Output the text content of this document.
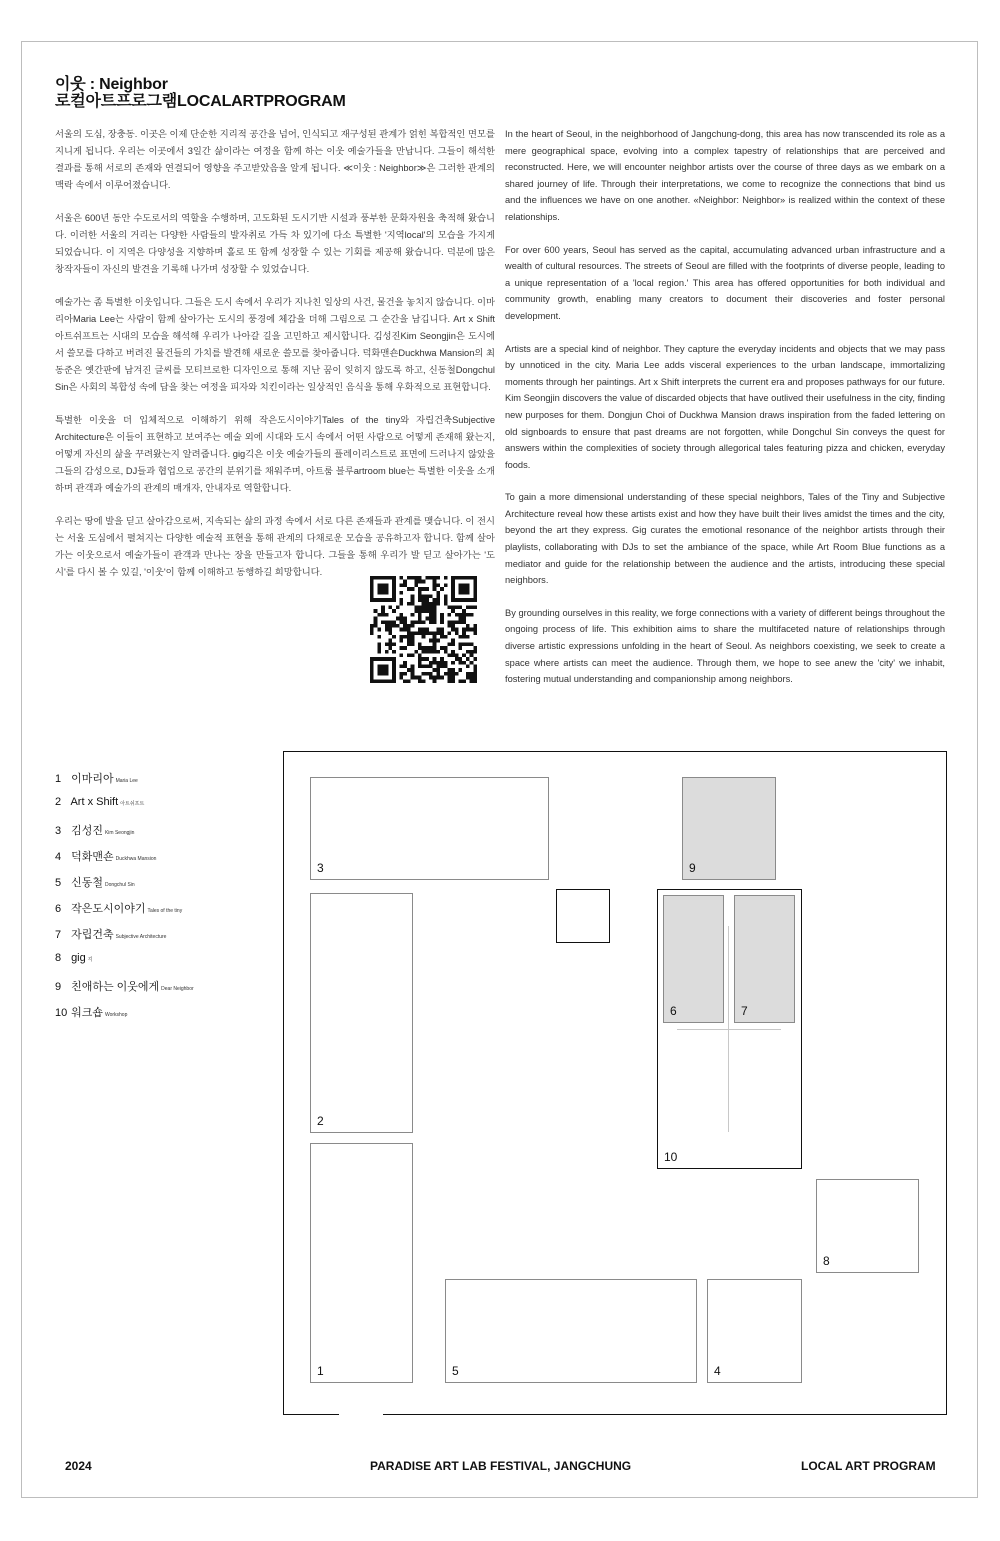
이웃 : Neighbor
로컬아트프로그램LOCALARTPROGRAM

서울의 도심, 장충동. 이곳은 이제 단순한 지리적 공간을 넘어, 인식되고 재구성된 관계가 얽힌 복합적인 면모를 지니게 됩니다. 우리는 이곳에서 3일간 삶이라는 여정을 함께 하는 이웃 예술가들을 만납니다. 그들이 해석한 결과를 통해 서로의 존재와 연결되어 영향을 주고받았음을 알게 됩니다. ≪이웃 : Neighbor≫은 그러한 관계의 맥락 속에서 이루어졌습니다.

서울은 600년 동안 수도로서의 역할을 수행하며, 고도화된 도시기반 시설과 풍부한 문화자원을 축적해 왔습니다. 이러한 서울의 거리는 다양한 사람들의 발자취로 가득 차 있기에 다소 특별한 '지역local'의 모습을 가지게 되었습니다. 이 지역은 다양성을 지향하며 홀로 또 함께 성장할 수 있는 기회를 제공해 왔습니다. 덕분에 많은 창작자들이 자신의 발견을 기록해 나가며 성장할 수 있었습니다.

예술가는 좀 특별한 이웃입니다. 그들은 도시 속에서 우리가 지나친 일상의 사건, 물건을 놓치지 않습니다. 이마리아Maria Lee는 사람이 함께 살아가는 도시의 풍경에 체감을 더해 그림으로 그 순간을 남깁니다. Art x Shift 아트쉬프트는 시대의 모습을 해석해 우리가 나아갈 길을 고민하고 제시합니다. 김성진Kim Seongjin은 도시에서 쓸모를 다하고 버려진 물건들의 가치를 발견해 새로운 쓸모를 찾아줍니다. 덕화맨숀Duckhwa Mansion의 최동준은 옛간판에 남겨진 글씨를 모티브로한 디자인으로 통해 지난 꿈이 잊히지 않도록 하고, 신동철Dongchul Sin은 사회의 복합성 속에 답을 찾는 여정을 피자와 치킨이라는 일상적인 음식을 통해 우화적으로 표현합니다.

특별한 이웃을 더 입체적으로 이해하기 위해 작은도시이야기Tales of the tiny와 자립건축Subjective Architecture은 이들이 표현하고 보여주는 예술 외에 시대와 도시 속에서 어떤 사람으로 어떻게 존재해 왔는지, 어떻게 자신의 삶을 꾸려왔는지 알려줍니다. gig긱은 이웃 예술가들의 플레이리스트로 표면에 드러나지 않았을 그들의 감성으로, DJ들과 협업으로 공간의 분위기를 채워주며, 아트룸 블루artroom blue는 특별한 이웃을 소개하며 관객과 예술가의 관계의 매개자, 안내자로 역할합니다.

우리는 땅에 발을 딛고 살아감으로써, 지속되는 삶의 과정 속에서 서로 다른 존재들과 관계를 맺습니다. 이 전시는 서울 도심에서 펼쳐지는 다양한 예술적 표현을 통해 관계의 다채로운 모습을 공유하고자 합니다. 함께 살아가는 이웃으로서 예술가들이 관객과 만나는 장을 만들고자 합니다. 그들을 통해 우리가 발 딛고 살아가는 '도시'를 다시 볼 수 있길, '이웃'이 함께 이해하고 동행하길 희망합니다.

In the heart of Seoul, in the neighborhood of Jangchung-dong, this area has now transcended its role as a mere geographical space, evolving into a complex tapestry of relationships that are perceived and reconstructed. Here, we will encounter neighbor artists over the course of three days as we embark on a shared journey of life. Through their interpretations, we come to recognize the connections that bind us and the influences we have on one another. «Neighbor: Neighbor» is realized within the context of these relationships.

For over 600 years, Seoul has served as the capital, accumulating advanced urban infrastructure and a wealth of cultural resources. The streets of Seoul are filled with the footprints of diverse people, leading to a unique representation of a 'local region.' This area has offered opportunities for both individual and community growth, enabling many creators to document their discoveries and foster personal development.

Artists are a special kind of neighbor. They capture the everyday incidents and objects that we may pass by unnoticed in the city. Maria Lee adds visceral experiences to the urban landscape, immortalizing moments through her paintings. Art x Shift interprets the current era and proposes pathways for our future. Kim Seongjin discovers the value of discarded objects that have outlived their usefulness in the city, finding new purposes for them. Dongjun Choi of Duckhwa Mansion draws inspiration from the faded lettering on old signboards to ensure that past dreams are not forgotten, while Dongchul Sin conveys the quest for answers within the complexities of society through allegorical tales featuring pizza and chicken, everyday foods.

To gain a more dimensional understanding of these special neighbors, Tales of the Tiny and Subjective Architecture reveal how these artists exist and how they have built their lives amidst the times and the city, beyond the art they express. Gig curates the emotional resonance of the neighbor artists through their playlists, collaborating with DJs to set the ambiance of the space, while Art Room Blue functions as a mediator and guide for the relationship between the audience and the artists, introducing these special neighbors.

By grounding ourselves in this reality, we forge connections with a variety of different beings throughout the ongoing process of life. This exhibition aims to share the multifaceted nature of relationships through diverse artistic expressions unfolding in the heart of Seoul. As neighbors coexisting, we seek to create a space where artists can meet the audience. Through them, we hope to see anew the 'city' we inhabit, fostering mutual understanding and companionship among neighbors.

1 이마리아 Maria Lee
2 Art x Shift 아트쉬프트
3 김성진 Kim Seongjin
4 덕화맨숀 Duckhwa Mansion
5 신동철 Dongchul Sin
6 작은도시이야기 Tales of the tiny
7 자립건축 Subjective Architecture
8 gig 긱
9 친애하는 이웃에게 Dear Neighbor
10 워크숍 Workshop
3	9
2
10
6	7
1
8
5	4
2024	PARADISE ART LAB FESTIVAL, JANGCHUNG	LOCAL ART PROGRAM
